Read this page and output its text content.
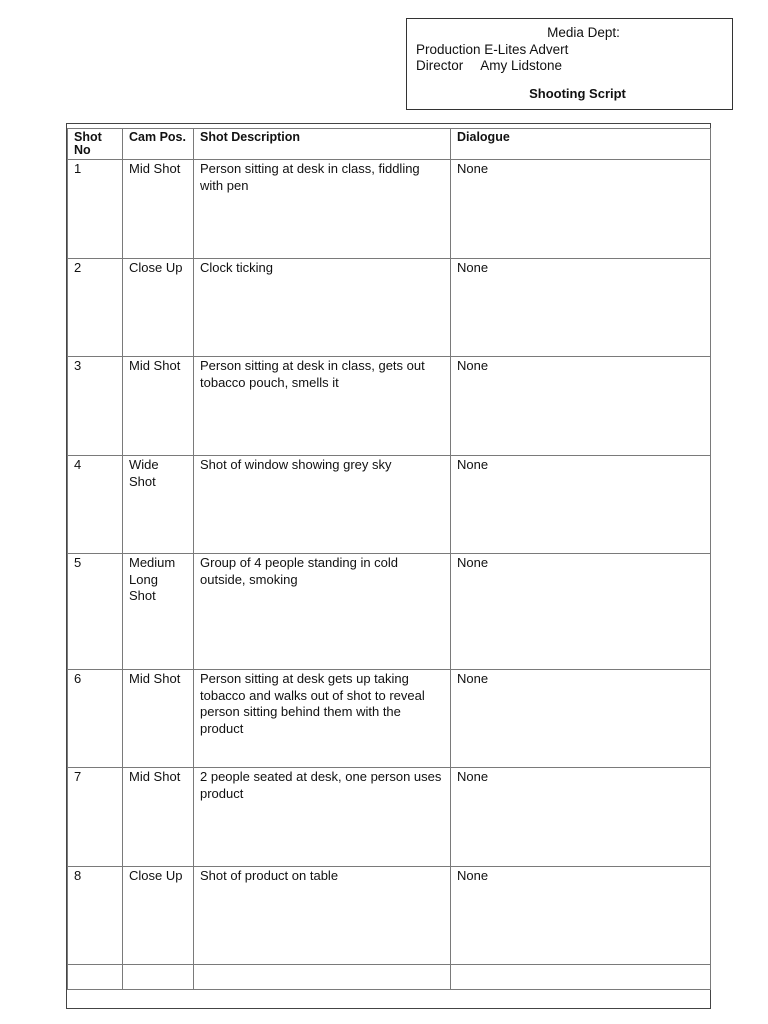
Media Dept:
Production E-Lites Advert
Director Amy Lidstone
Shooting Script
Shot No	Cam Pos.	Shot Description	Dialogue
1	Mid Shot	Person sitting at desk in class, fiddling with pen	None
2	Close Up	Clock ticking	None
3	Mid Shot	Person sitting at desk in class, gets out tobacco pouch, smells it	None
4	Wide Shot	Shot of window showing grey sky	None
5	Medium Long Shot	Group of 4 people standing in cold outside, smoking	None
6	Mid Shot	Person sitting at desk gets up taking tobacco and walks out of shot to reveal person sitting behind them with the product	None
7	Mid Shot	2 people seated at desk, one person uses product	None
8	Close Up	Shot of product on table	None
